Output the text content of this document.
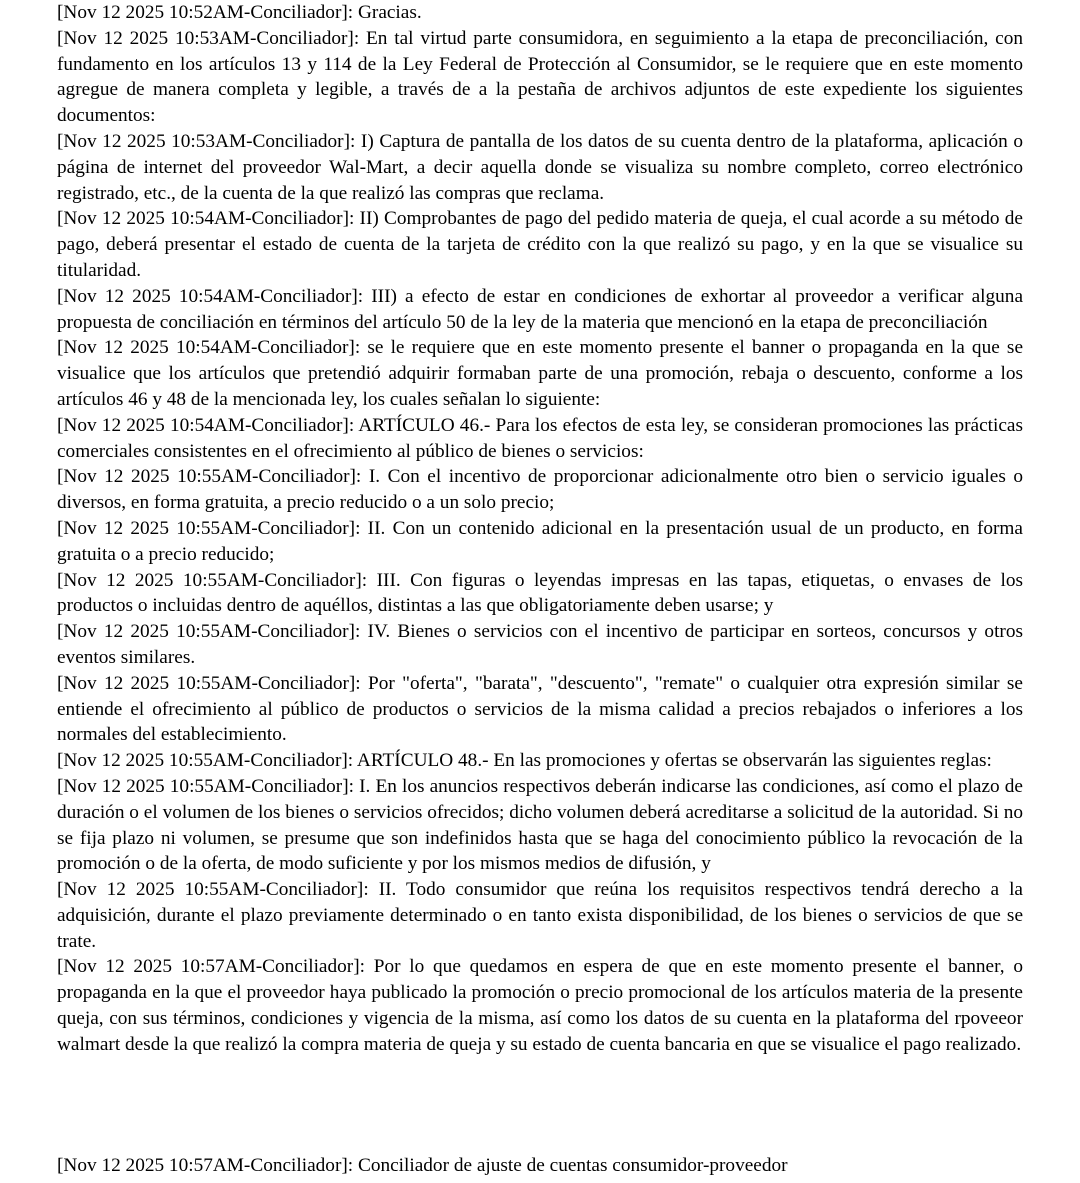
[Nov 12 2025 10:52AM-Conciliador]: Gracias.

[Nov 12 2025 10:53AM-Conciliador]: En tal virtud parte consumidora, en seguimiento a la etapa de preconciliación, con fundamento en los artículos 13 y 114 de la Ley Federal de Protección al Consumidor, se le requiere que en este momento agregue de manera completa y legible, a través de a la pestaña de archivos adjuntos de este expediente los siguientes documentos:

[Nov 12 2025 10:53AM-Conciliador]: I) Captura de pantalla de los datos de su cuenta dentro de la plataforma, aplicación o página de internet del proveedor Wal-Mart, a decir aquella donde se visualiza su nombre completo, correo electrónico registrado, etc., de la cuenta de la que realizó las compras que reclama.

[Nov 12 2025 10:54AM-Conciliador]: II) Comprobantes de pago del pedido materia de queja, el cual acorde a su método de pago, deberá presentar el estado de cuenta de la tarjeta de crédito con la que realizó su pago, y en la que se visualice su titularidad.

[Nov 12 2025 10:54AM-Conciliador]: III) a efecto de estar en condiciones de exhortar al proveedor a verificar alguna propuesta de conciliación en términos del artículo 50 de la ley de la materia que mencionó en la etapa de preconciliación

[Nov 12 2025 10:54AM-Conciliador]: se le requiere que en este momento presente el banner o propaganda en la que se visualice que los artículos que pretendió adquirir formaban parte de una promoción, rebaja o descuento, conforme a los artículos 46 y 48 de la mencionada ley, los cuales señalan lo siguiente:

[Nov 12 2025 10:54AM-Conciliador]: ARTÍCULO 46.- Para los efectos de esta ley, se consideran promociones las prácticas comerciales consistentes en el ofrecimiento al público de bienes o servicios:

[Nov 12 2025 10:55AM-Conciliador]: I. Con el incentivo de proporcionar adicionalmente otro bien o servicio iguales o diversos, en forma gratuita, a precio reducido o a un solo precio;

[Nov 12 2025 10:55AM-Conciliador]: II. Con un contenido adicional en la presentación usual de un producto, en forma gratuita o a precio reducido;

[Nov 12 2025 10:55AM-Conciliador]: III. Con figuras o leyendas impresas en las tapas, etiquetas, o envases de los productos o incluidas dentro de aquéllos, distintas a las que obligatoriamente deben usarse; y

[Nov 12 2025 10:55AM-Conciliador]: IV. Bienes o servicios con el incentivo de participar en sorteos, concursos y otros eventos similares.

[Nov 12 2025 10:55AM-Conciliador]: Por "oferta", "barata", "descuento", "remate" o cualquier otra expresión similar se entiende el ofrecimiento al público de productos o servicios de la misma calidad a precios rebajados o inferiores a los normales del establecimiento.

[Nov 12 2025 10:55AM-Conciliador]: ARTÍCULO 48.- En las promociones y ofertas se observarán las siguientes reglas:

[Nov 12 2025 10:55AM-Conciliador]: I. En los anuncios respectivos deberán indicarse las condiciones, así como el plazo de duración o el volumen de los bienes o servicios ofrecidos; dicho volumen deberá acreditarse a solicitud de la autoridad. Si no se fija plazo ni volumen, se presume que son indefinidos hasta que se haga del conocimiento público la revocación de la promoción o de la oferta, de modo suficiente y por los mismos medios de difusión, y

[Nov 12 2025 10:55AM-Conciliador]: II. Todo consumidor que reúna los requisitos respectivos tendrá derecho a la adquisición, durante el plazo previamente determinado o en tanto exista disponibilidad, de los bienes o servicios de que se trate.

[Nov 12 2025 10:57AM-Conciliador]: Por lo que quedamos en espera de que en este momento presente el banner, o propaganda en la que el proveedor haya publicado la promoción o precio promocional de los artículos materia de la presente queja, con sus términos, condiciones y vigencia de la misma, así como los datos de su cuenta en la plataforma del rpoveeor walmart desde la que realizó la compra materia de queja y su estado de cuenta bancaria en que se visualice el pago realizado.

[Nov 12 2025 10:57AM-Conciliador]: Conciliador de ajuste de cuentas consumidor-proveedor
